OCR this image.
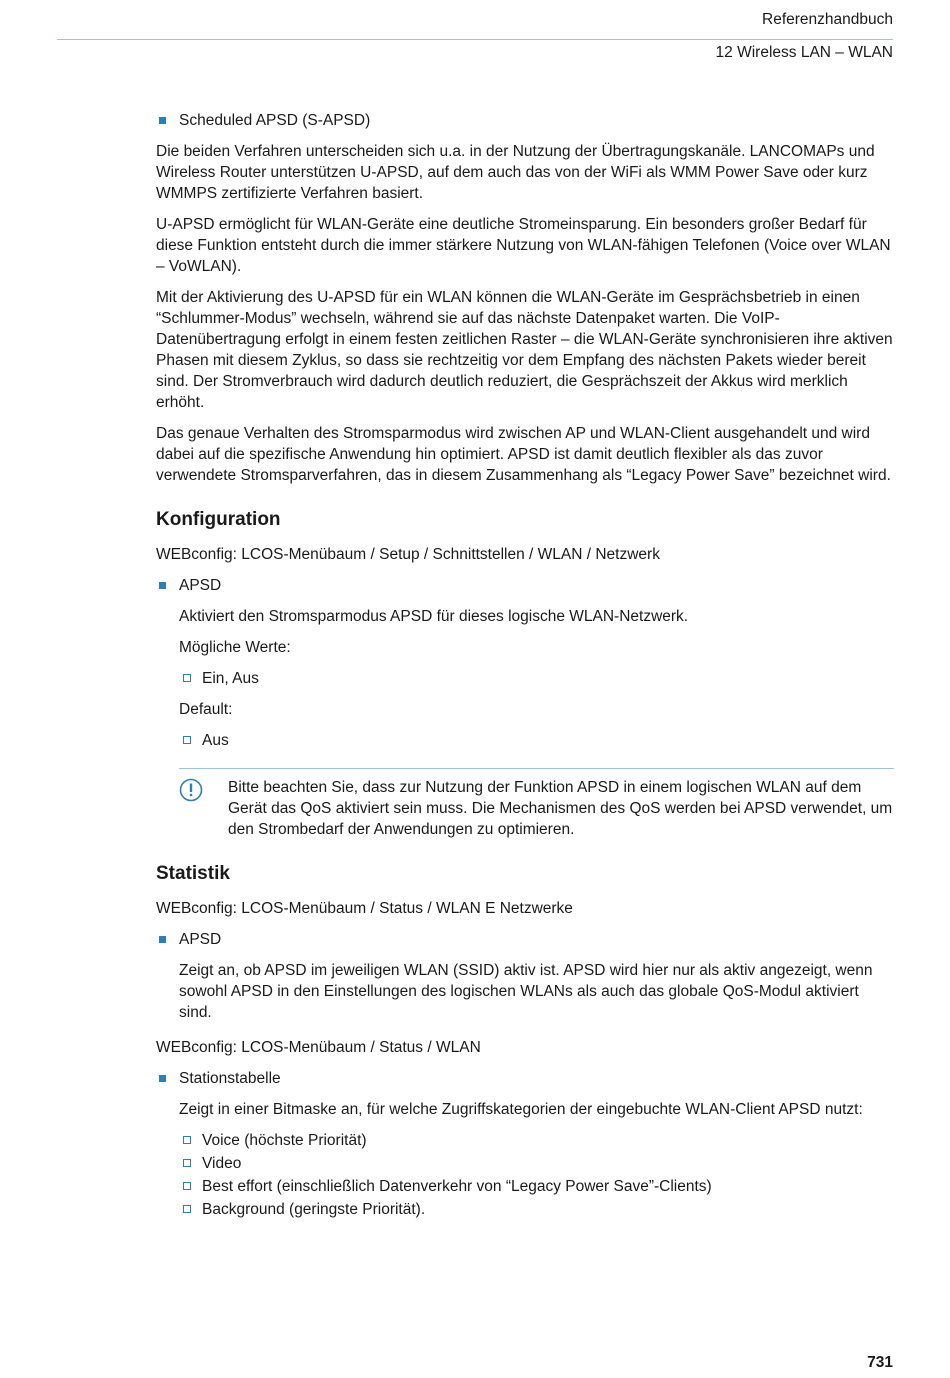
Referenzhandbuch
12 Wireless LAN – WLAN
Scheduled APSD (S-APSD)

Die beiden Verfahren unterscheiden sich u.a. in der Nutzung der Übertragungskanäle. LANCOMAPs und Wireless Router unterstützen U-APSD, auf dem auch das von der WiFi als WMM Power Save oder kurz WMMPS zertifizierte Verfahren basiert.

U-APSD ermöglicht für WLAN-Geräte eine deutliche Stromeinsparung. Ein besonders großer Bedarf für diese Funktion entsteht durch die immer stärkere Nutzung von WLAN-fähigen Telefonen (Voice over WLAN – VoWLAN).

Mit der Aktivierung des U-APSD für ein WLAN können die WLAN-Geräte im Gesprächsbetrieb in einen “Schlummer-Modus” wechseln, während sie auf das nächste Datenpaket warten. Die VoIP-Datenübertragung erfolgt in einem festen zeitlichen Raster – die WLAN-Geräte synchronisieren ihre aktiven Phasen mit diesem Zyklus, so dass sie rechtzeitig vor dem Empfang des nächsten Pakets wieder bereit sind. Der Stromverbrauch wird dadurch deutlich reduziert, die Gesprächszeit der Akkus wird merklich erhöht.

Das genaue Verhalten des Stromsparmodus wird zwischen AP und WLAN-Client ausgehandelt und wird dabei auf die spezifische Anwendung hin optimiert. APSD ist damit deutlich flexibler als das zuvor verwendete Stromsparverfahren, das in diesem Zusammenhang als “Legacy Power Save” bezeichnet wird.

Konfiguration

WEBconfig: LCOS-Menübaum / Setup / Schnittstellen / WLAN / Netzwerk

APSD

Aktiviert den Stromsparmodus APSD für dieses logische WLAN-Netzwerk.

Mögliche Werte:

Ein, Aus

Default:

Aus
Bitte beachten Sie, dass zur Nutzung der Funktion APSD in einem logischen WLAN auf dem Gerät das QoS aktiviert sein muss. Die Mechanismen des QoS werden bei APSD verwendet, um den Strombedarf der Anwendungen zu optimieren.
Statistik

WEBconfig: LCOS-Menübaum / Status / WLAN E Netzwerke

APSD

Zeigt an, ob APSD im jeweiligen WLAN (SSID) aktiv ist. APSD wird hier nur als aktiv angezeigt, wenn sowohl APSD in den Einstellungen des logischen WLANs als auch das globale QoS-Modul aktiviert sind.

WEBconfig: LCOS-Menübaum / Status / WLAN

Stationstabelle

Zeigt in einer Bitmaske an, für welche Zugriffskategorien der eingebuchte WLAN-Client APSD nutzt:

Voice (höchste Priorität)
Video
Best effort (einschließlich Datenverkehr von “Legacy Power Save”-Clients)
Background (geringste Priorität).
731
